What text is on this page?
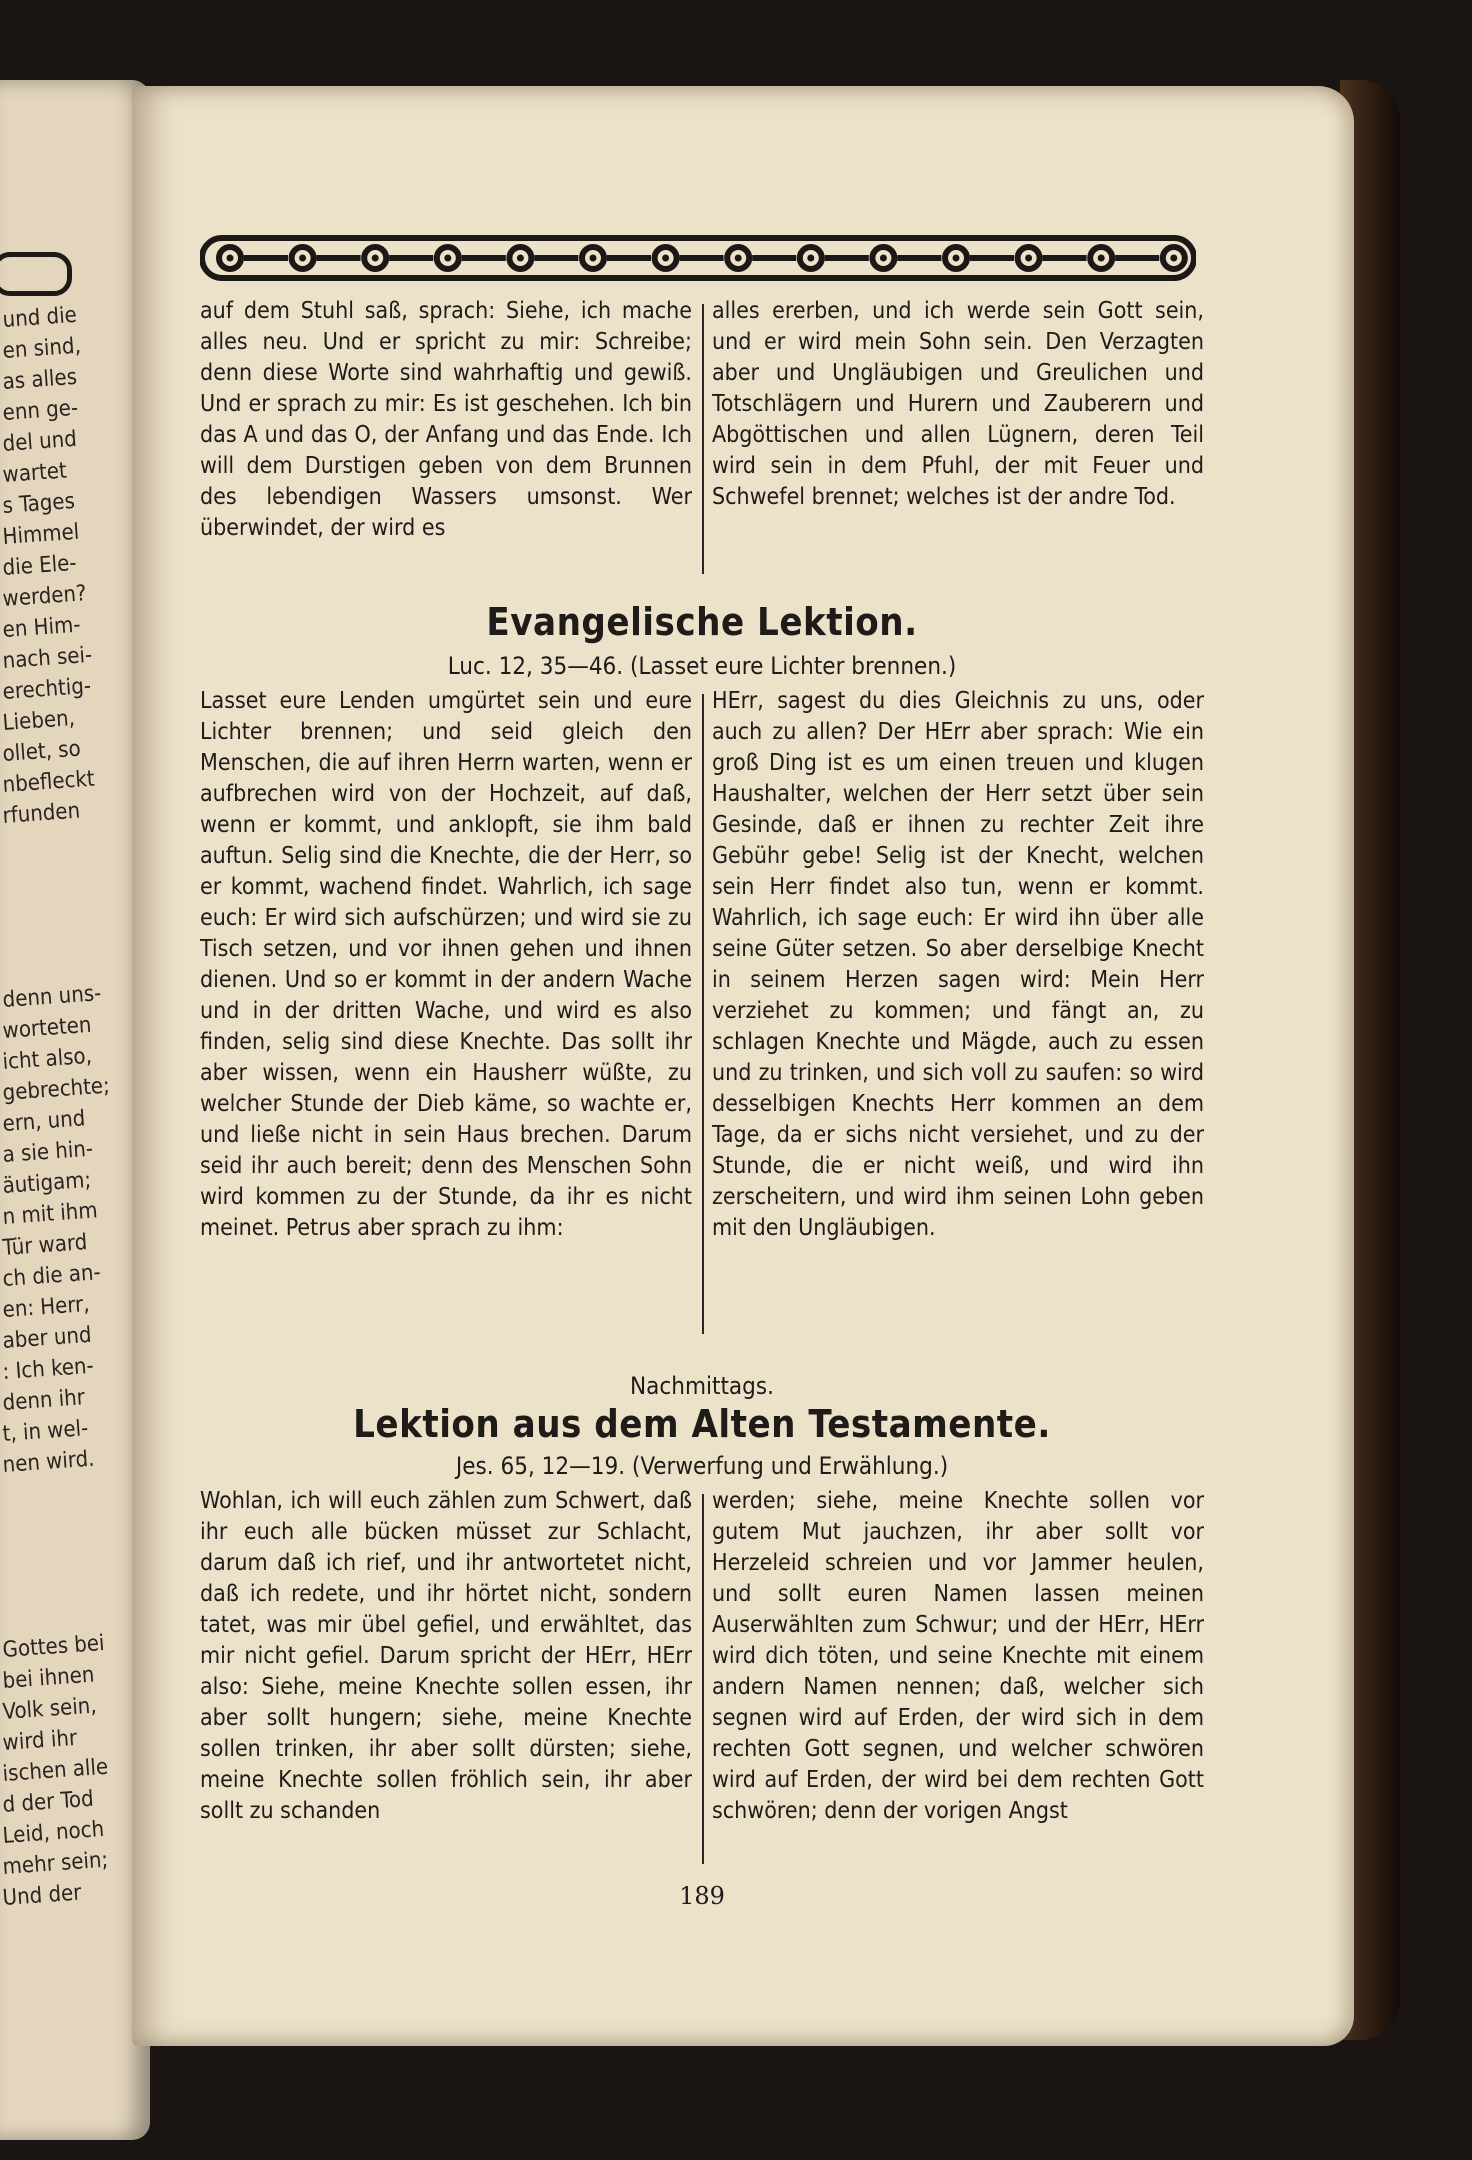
und die
en sind,
as alles
enn ge-
del und
wartet
s Tages
Himmel
die Ele-
werden?
en Him-
nach sei-
erechtig-
Lieben,
ollet, so
nbefleckt
rfunden
denn uns-
worteten
icht also,
gebrechte;
ern, und
a sie hin-
äutigam;
n mit ihm
Tür ward
ch die an-
en: Herr,
aber und
: Ich ken-
denn ihr
t, in wel-
nen wird.
Gottes bei
bei ihnen
Volk sein,
wird ihr
ischen alle
d der Tod
Leid, noch
mehr sein;
Und der

auf dem Stuhl saß, sprach: Siehe, ich mache alles neu. Und er spricht zu mir: Schreibe; denn diese Worte sind wahrhaftig und gewiß. Und er sprach zu mir: Es ist geschehen. Ich bin das A und das O, der Anfang und das Ende. Ich will dem Durstigen geben von dem Brunnen des lebendigen Wassers umsonst. Wer überwindet, der wird es

alles ererben, und ich werde sein Gott sein, und er wird mein Sohn sein. Den Verzagten aber und Ungläubigen und Greulichen und Totschlägern und Hurern und Zauberern und Abgöttischen und allen Lügnern, deren Teil wird sein in dem Pfuhl, der mit Feuer und Schwefel brennet; welches ist der andre Tod.

Evangelische Lektion.
Luc. 12, 35—46. (Lasset eure Lichter brennen.)

Lasset eure Lenden umgürtet sein und eure Lichter brennen; und seid gleich den Menschen, die auf ihren Herrn warten, wenn er aufbrechen wird von der Hochzeit, auf daß, wenn er kommt, und anklopft, sie ihm bald auftun. Selig sind die Knechte, die der Herr, so er kommt, wachend findet. Wahrlich, ich sage euch: Er wird sich aufschürzen; und wird sie zu Tisch setzen, und vor ihnen gehen und ihnen dienen. Und so er kommt in der andern Wache und in der dritten Wache, und wird es also finden, selig sind diese Knechte. Das sollt ihr aber wissen, wenn ein Hausherr wüßte, zu welcher Stunde der Dieb käme, so wachte er, und ließe nicht in sein Haus brechen. Darum seid ihr auch bereit; denn des Menschen Sohn wird kommen zu der Stunde, da ihr es nicht meinet. Petrus aber sprach zu ihm:

HErr, sagest du dies Gleichnis zu uns, oder auch zu allen? Der HErr aber sprach: Wie ein groß Ding ist es um einen treuen und klugen Haushalter, welchen der Herr setzt über sein Gesinde, daß er ihnen zu rechter Zeit ihre Gebühr gebe! Selig ist der Knecht, welchen sein Herr findet also tun, wenn er kommt. Wahrlich, ich sage euch: Er wird ihn über alle seine Güter setzen. So aber derselbige Knecht in seinem Herzen sagen wird: Mein Herr verziehet zu kommen; und fängt an, zu schlagen Knechte und Mägde, auch zu essen und zu trinken, und sich voll zu saufen: so wird desselbigen Knechts Herr kommen an dem Tage, da er sichs nicht versiehet, und zu der Stunde, die er nicht weiß, und wird ihn zerscheitern, und wird ihm seinen Lohn geben mit den Ungläubigen.

Nachmittags.
Lektion aus dem Alten Testamente.
Jes. 65, 12—19. (Verwerfung und Erwählung.)

Wohlan, ich will euch zählen zum Schwert, daß ihr euch alle bücken müsset zur Schlacht, darum daß ich rief, und ihr antwortetet nicht, daß ich redete, und ihr hörtet nicht, sondern tatet, was mir übel gefiel, und erwähltet, das mir nicht gefiel. Darum spricht der HErr, HErr also: Siehe, meine Knechte sollen essen, ihr aber sollt hungern; siehe, meine Knechte sollen trinken, ihr aber sollt dürsten; siehe, meine Knechte sollen fröhlich sein, ihr aber sollt zu schanden

werden; siehe, meine Knechte sollen vor gutem Mut jauchzen, ihr aber sollt vor Herzeleid schreien und vor Jammer heulen, und sollt euren Namen lassen meinen Auserwählten zum Schwur; und der HErr, HErr wird dich töten, und seine Knechte mit einem andern Namen nennen; daß, welcher sich segnen wird auf Erden, der wird sich in dem rechten Gott segnen, und welcher schwören wird auf Erden, der wird bei dem rechten Gott schwören; denn der vorigen Angst

189
